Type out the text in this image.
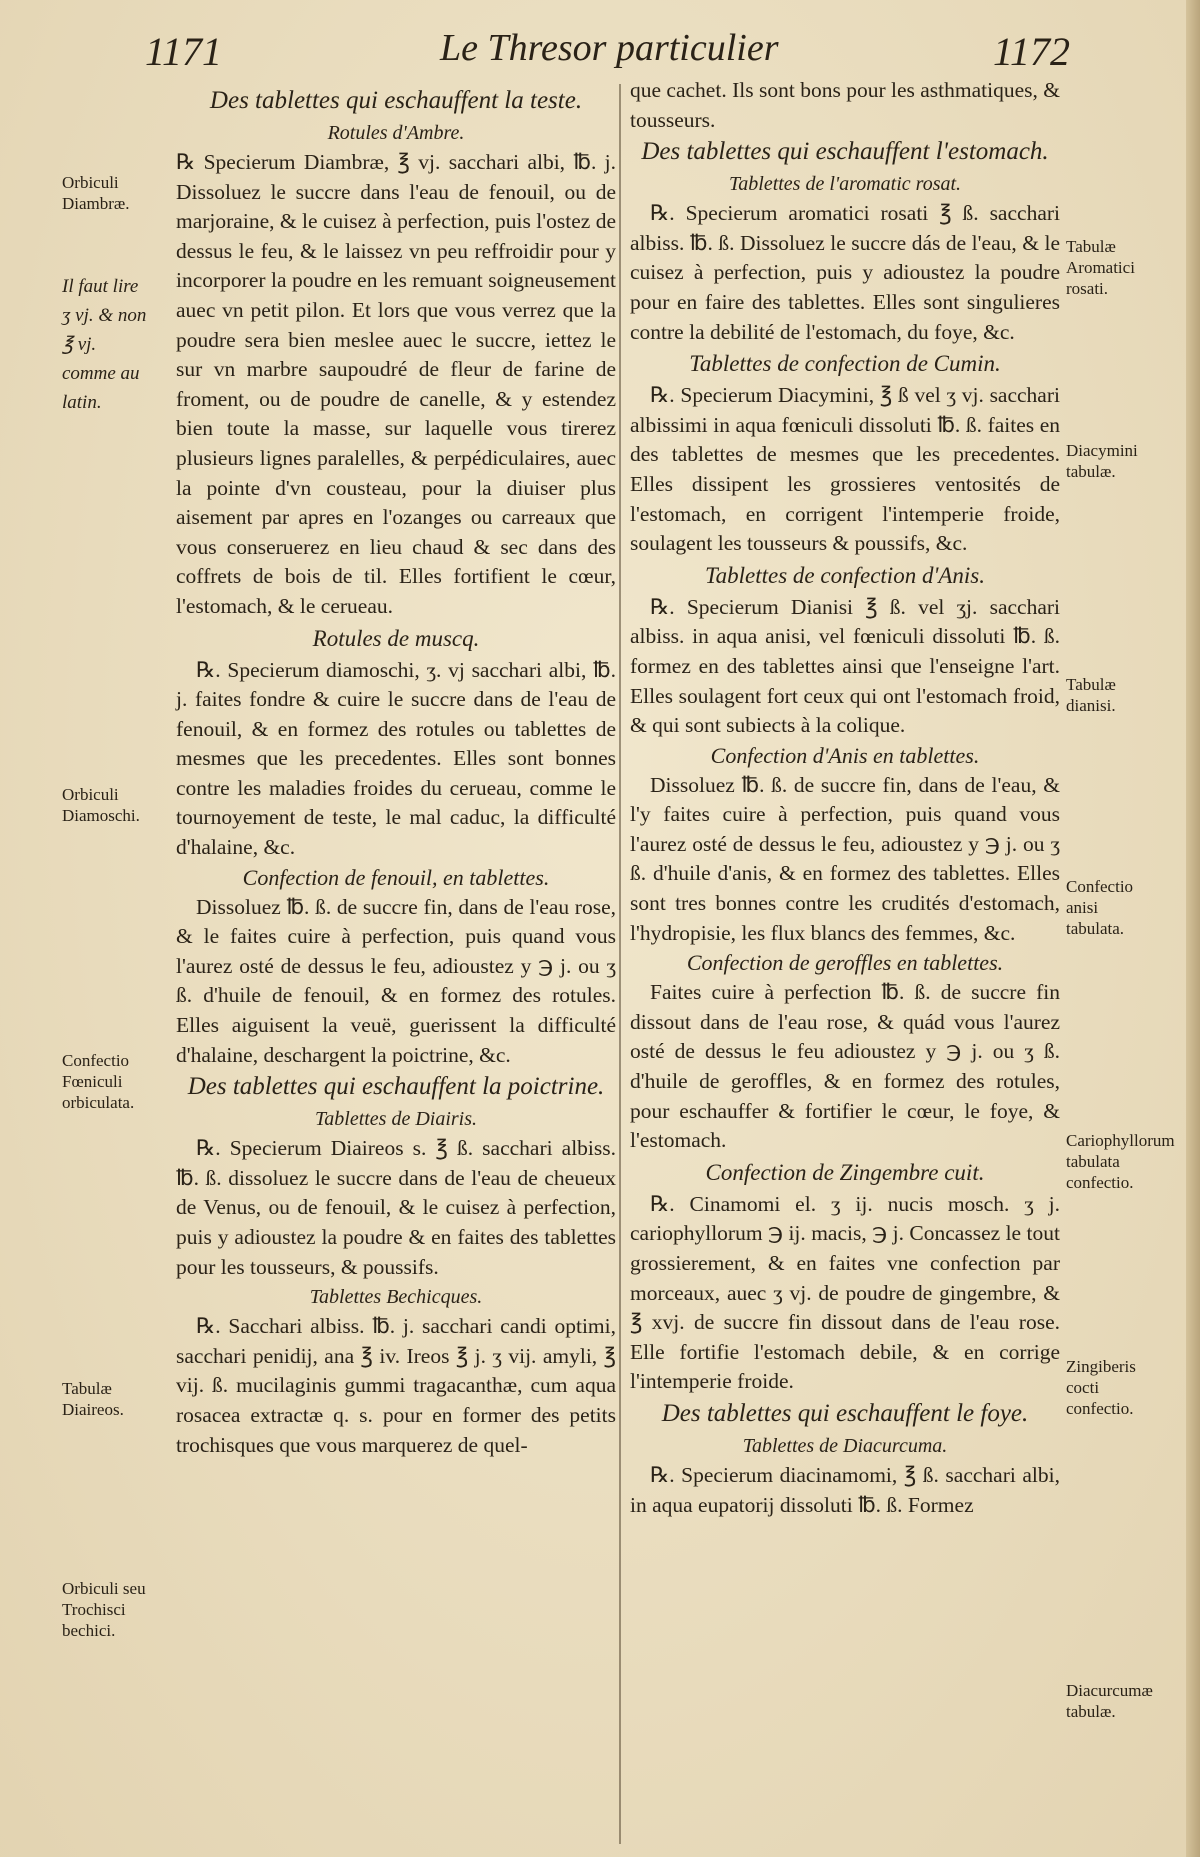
1171	Le Thresor particulier	1172
Des tablettes qui eschauffent la teste.
Rotules d'Ambre.

℞ Specierum Diambræ, ℥ vj. sacchari albi, ℔. j. Dissoluez le succre dans l'eau de fenouil, ou de marjoraine, & le cuisez à perfection, puis l'ostez de dessus le feu, & le laissez vn peu reffroidir pour y incorporer la poudre en les remuant soigneusement auec vn petit pilon. Et lors que vous verrez que la poudre sera bien meslee auec le succre, iettez le sur vn marbre saupoudré de fleur de farine de froment, ou de poudre de canelle, & y estendez bien toute la masse, sur laquelle vous tirerez plusieurs lignes paralelles, & perpédiculaires, auec la pointe d'vn cousteau, pour la diuiser plus aisement par apres en l'ozanges ou carreaux que vous conseruerez en lieu chaud & sec dans des coffrets de bois de til. Elles fortifient le cœur, l'estomach, & le cerueau.

Rotules de muscq.

℞. Specierum diamoschi, ʒ. vj sacchari albi, ℔. j. faites fondre & cuire le succre dans de l'eau de fenouil, & en formez des rotules ou tablettes de mesmes que les precedentes. Elles sont bonnes contre les maladies froides du cerueau, comme le tournoyement de teste, le mal caduc, la difficulté d'halaine, &c.

Confection de fenouil, en tablettes.

Dissoluez ℔. ß. de succre fin, dans de l'eau rose, & le faites cuire à perfection, puis quand vous l'aurez osté de dessus le feu, adioustez y ℈ j. ou ʒ ß. d'huile de fenouil, & en formez des rotules. Elles aiguisent la veuë, guerissent la difficulté d'halaine, deschargent la poictrine, &c.

Des tablettes qui eschauffent la poictrine.
Tablettes de Diairis.

℞. Specierum Diaireos s. ℥ ß. sacchari albiss. ℔. ß. dissoluez le succre dans de l'eau de cheueux de Venus, ou de fenouil, & le cuisez à perfection, puis y adioustez la poudre & en faites des tablettes pour les tousseurs, & poussifs.

Tablettes Bechicques.

℞. Sacchari albiss. ℔. j. sacchari candi optimi, sacchari penidij, ana ℥ iv. Ireos ℥ j. ʒ vij. amyli, ℥ vij. ß. mucilaginis gummi tragacanthæ, cum aqua rosacea extractæ q. s. pour en former des petits trochisques que vous marquerez de quel-

Orbiculi Diambræ.
Il faut lire ʒ vj. & non ℥ vj. comme au latin.
Orbiculi Diamoschi.
Confectio Fœniculi orbiculata.
Tabulæ Diaireos.
Orbiculi seu Trochisci bechici.

que cachet. Ils sont bons pour les asthmatiques, & tousseurs.

Des tablettes qui eschauffent l'estomach.
Tablettes de l'aromatic rosat.

℞. Specierum aromatici rosati ℥ ß. sacchari albiss. ℔. ß. Dissoluez le succre dás de l'eau, & le cuisez à perfection, puis y adioustez la poudre pour en faire des tablettes. Elles sont singulieres contre la debilité de l'estomach, du foye, &c.

Tablettes de confection de Cumin.

℞. Specierum Diacymini, ℥ ß vel ʒ vj. sacchari albissimi in aqua fœniculi dissoluti ℔. ß. faites en des tablettes de mesmes que les precedentes. Elles dissipent les grossieres ventosités de l'estomach, en corrigent l'intemperie froide, soulagent les tousseurs & poussifs, &c.

Tablettes de confection d'Anis.

℞. Specierum Dianisi ℥ ß. vel ʒj. sacchari albiss. in aqua anisi, vel fœniculi dissoluti ℔. ß. formez en des tablettes ainsi que l'enseigne l'art. Elles soulagent fort ceux qui ont l'estomach froid, & qui sont subiects à la colique.

Confection d'Anis en tablettes.

Dissoluez ℔. ß. de succre fin, dans de l'eau, & l'y faites cuire à perfection, puis quand vous l'aurez osté de dessus le feu, adioustez y ℈ j. ou ʒ ß. d'huile d'anis, & en formez des tablettes. Elles sont tres bonnes contre les crudités d'estomach, l'hydropisie, les flux blancs des femmes, &c.

Confection de geroffles en tablettes.

Faites cuire à perfection ℔. ß. de succre fin dissout dans de l'eau rose, & quád vous l'aurez osté de dessus le feu adioustez y ℈ j. ou ʒ ß. d'huile de geroffles, & en formez des rotules, pour eschauffer & fortifier le cœur, le foye, & l'estomach.

Confection de Zingembre cuit.

℞. Cinamomi el. ʒ ij. nucis mosch. ʒ j. cariophyllorum ℈ ij. macis, ℈ j. Concassez le tout grossierement, & en faites vne confection par morceaux, auec ʒ vj. de poudre de gingembre, & ℥ xvj. de succre fin dissout dans de l'eau rose. Elle fortifie l'estomach debile, & en corrige l'intemperie froide.

Des tablettes qui eschauffent le foye.
Tablettes de Diacurcuma.

℞. Specierum diacinamomi, ℥ ß. sacchari albi, in aqua eupatorij dissoluti ℔. ß. Formez

Tabulæ Aromatici rosati.
Diacymini tabulæ.
Tabulæ dianisi.
Confectio anisi tabulata.
Cariophyllorum tabulata confectio.
Zingiberis cocti confectio.
Diacurcumæ tabulæ.
